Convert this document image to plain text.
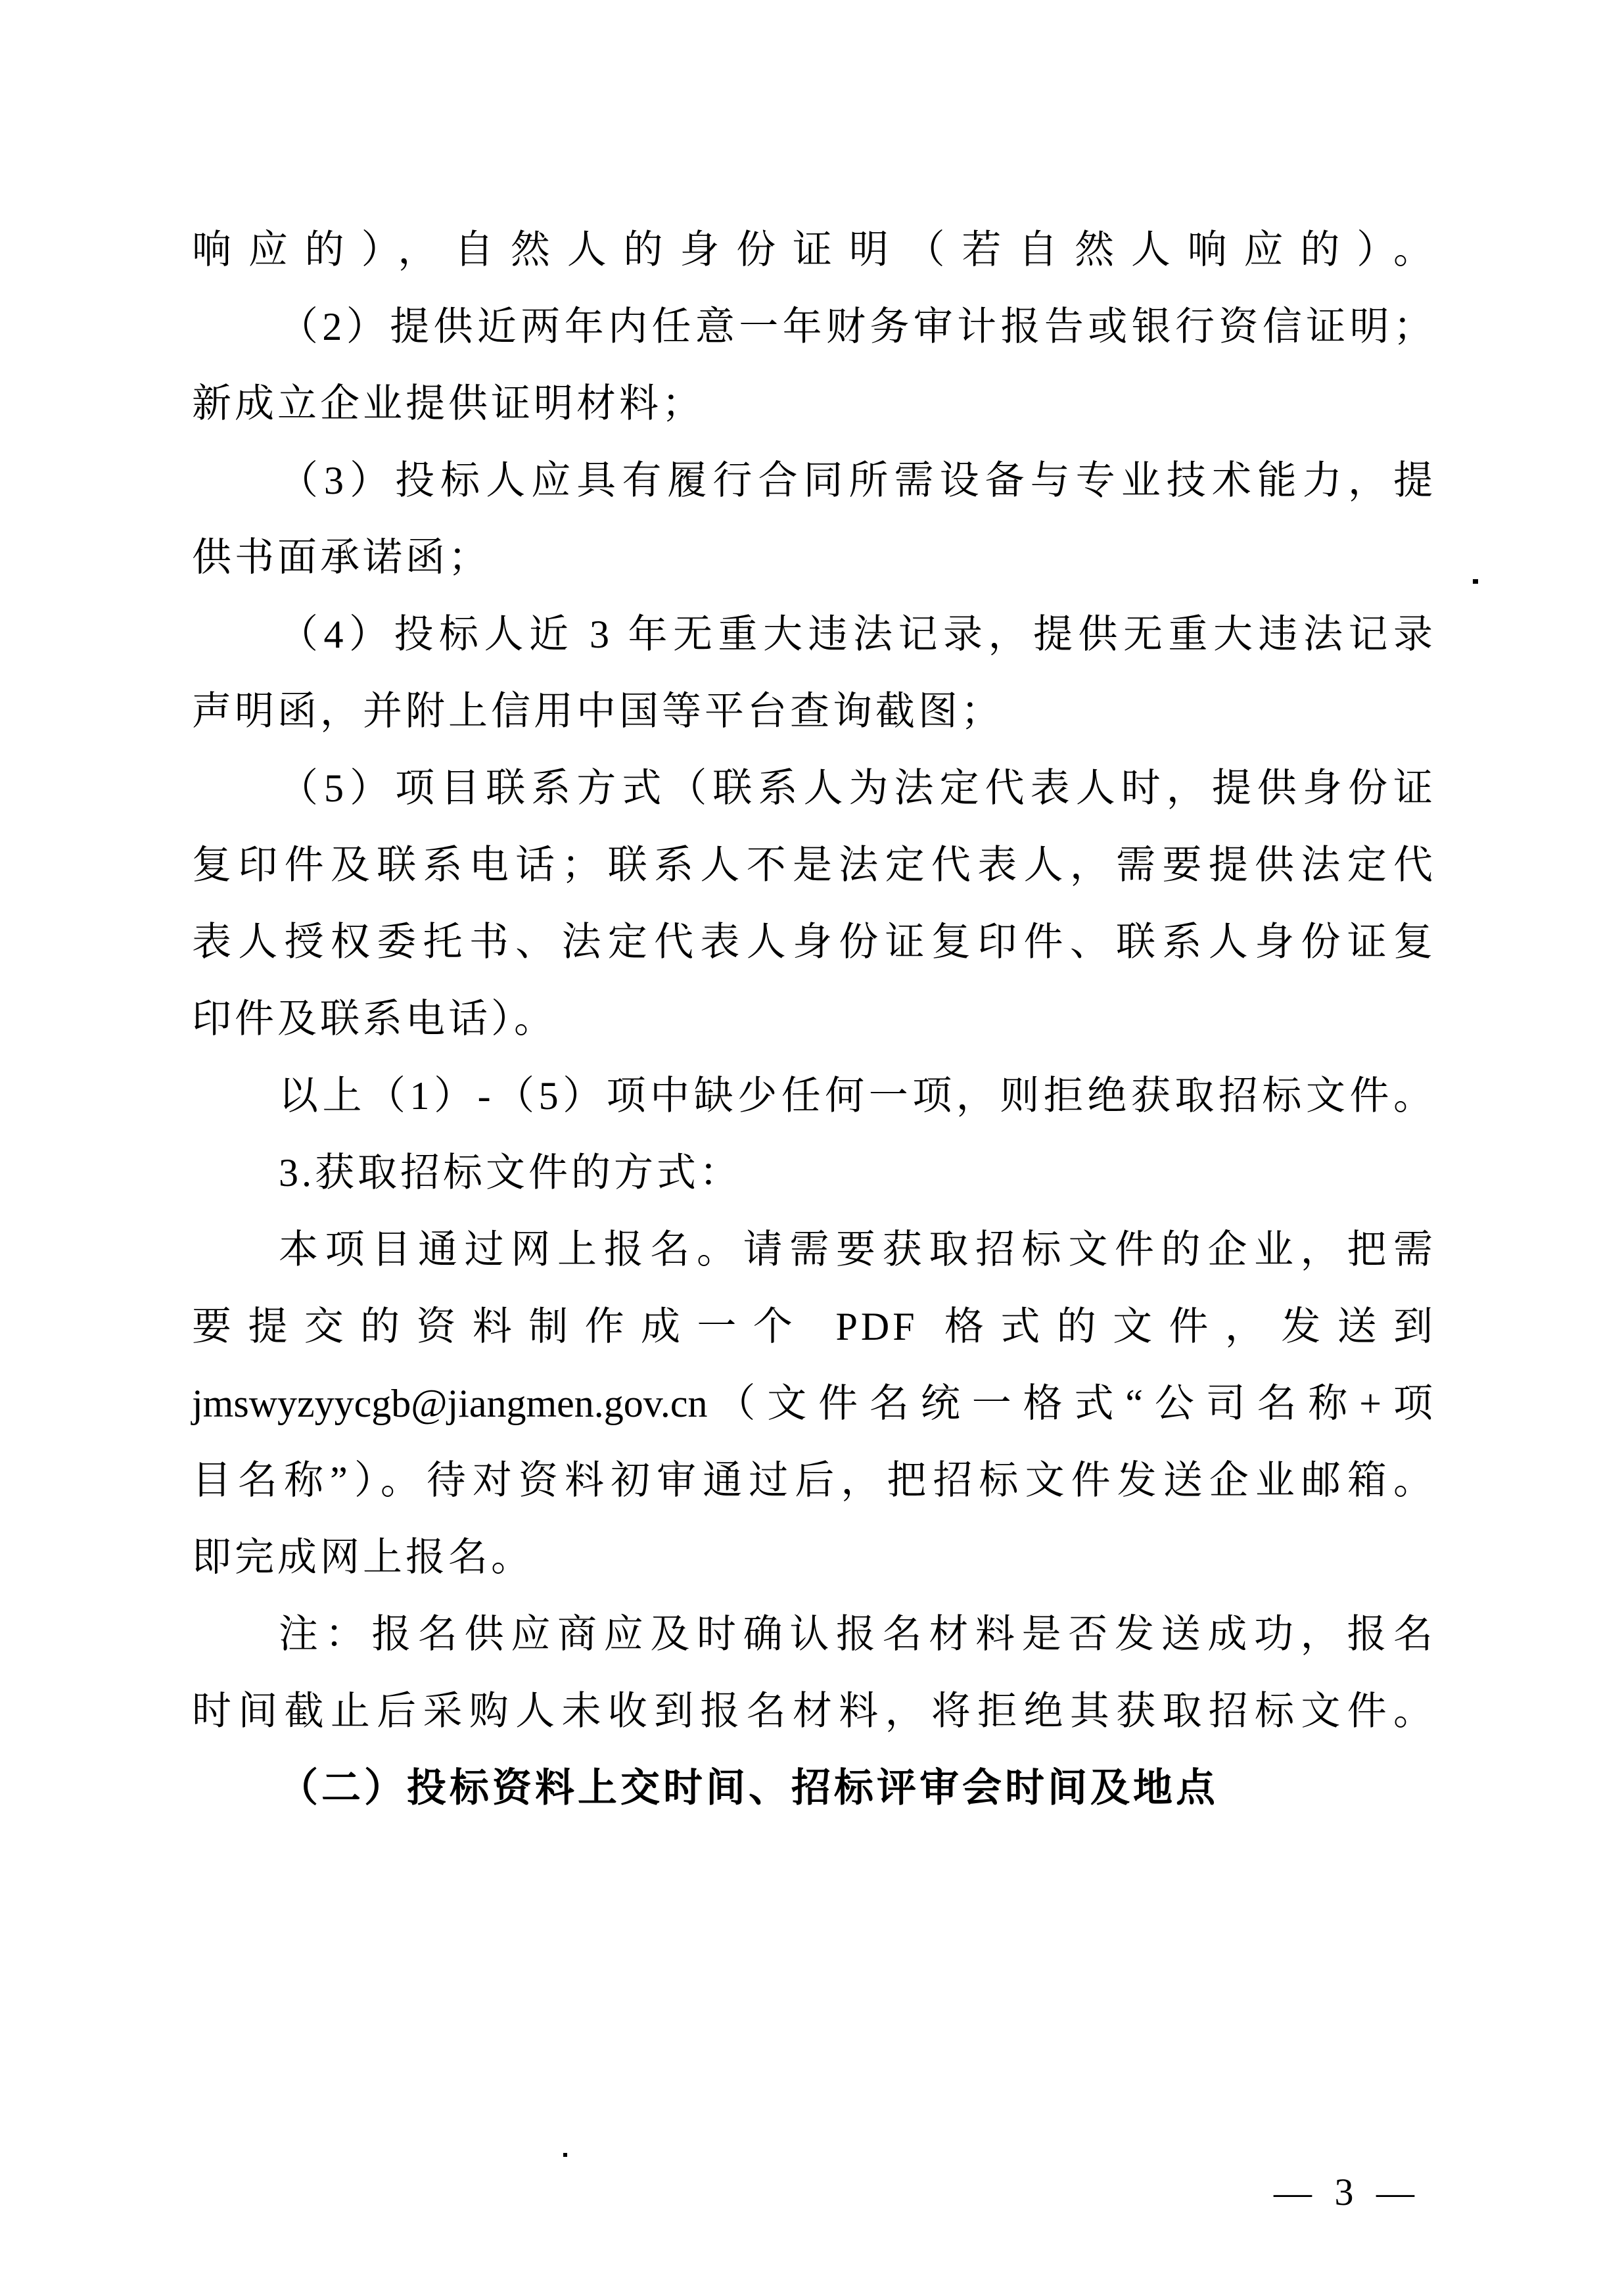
响应的），自然人的身份证明（若自然人响应的）。
（2）提供近两年内任意一年财务审计报告或银行资信证明；
新成立企业提供证明材料；
（3）投标人应具有履行合同所需设备与专业技术能力，提
供书面承诺函；
（4）投标人近 3 年无重大违法记录，提供无重大违法记录
声明函，并附上信用中国等平台查询截图；
（5）项目联系方式（联系人为法定代表人时，提供身份证
复印件及联系电话；联系人不是法定代表人，需要提供法定代
表人授权委托书、法定代表人身份证复印件、联系人身份证复
印件及联系电话）。
以上（1）-（5）项中缺少任何一项，则拒绝获取招标文件。
3.获取招标文件的方式：
本项目通过网上报名。请需要获取招标文件的企业，把需
要提交的资料制作成一个 PDF 格式的文件，发送到
jmswyzyycgb@jiangmen.gov.cn（文件名统一格式“公司名称+项
目名称”）。待对资料初审通过后，把招标文件发送企业邮箱。
即完成网上报名。
注：报名供应商应及时确认报名材料是否发送成功，报名
时间截止后采购人未收到报名材料，将拒绝其获取招标文件。
（二）投标资料上交时间、招标评审会时间及地点
— 3 —
